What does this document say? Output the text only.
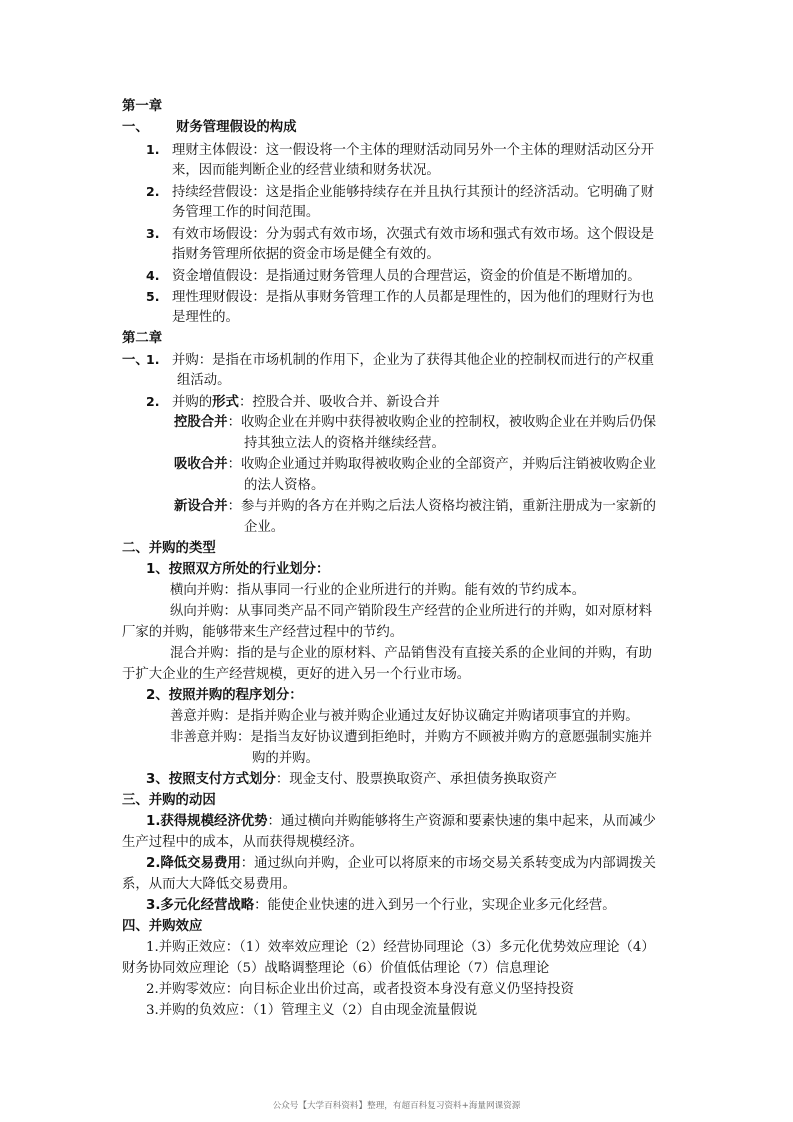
第一章
一、 财务管理假设的构成
1. 理财主体假设：这一假设将一个主体的理财活动同另外一个主体的理财活动区分开
来，因而能判断企业的经营业绩和财务状况。
2. 持续经营假设：这是指企业能够持续存在并且执行其预计的经济活动。它明确了财
务管理工作的时间范围。
3. 有效市场假设：分为弱式有效市场，次强式有效市场和强式有效市场。这个假设是
指财务管理所依据的资金市场是健全有效的。
4. 资金增值假设：是指通过财务管理人员的合理营运，资金的价值是不断增加的。
5. 理性理财假设：是指从事财务管理工作的人员都是理性的，因为他们的理财行为也
是理性的。
第二章
一、1. 并购：是指在市场机制的作用下，企业为了获得其他企业的控制权而进行的产权重
组活动。
2. 并购的形式：控股合并、吸收合并、新设合并
控股合并：收购企业在并购中获得被收购企业的控制权，被收购企业在并购后仍保
持其独立法人的资格并继续经营。
吸收合并：收购企业通过并购取得被收购企业的全部资产，并购后注销被收购企业
的法人资格。
新设合并：参与并购的各方在并购之后法人资格均被注销，重新注册成为一家新的
企业。
二、并购的类型
1、按照双方所处的行业划分：
横向并购：指从事同一行业的企业所进行的并购。能有效的节约成本。
纵向并购：从事同类产品不同产销阶段生产经营的企业所进行的并购，如对原材料
厂家的并购，能够带来生产经营过程中的节约。
混合并购：指的是与企业的原材料、产品销售没有直接关系的企业间的并购，有助
于扩大企业的生产经营规模，更好的进入另一个行业市场。
2、按照并购的程序划分：
善意并购：是指并购企业与被并购企业通过友好协议确定并购诸项事宜的并购。
非善意并购：是指当友好协议遭到拒绝时，并购方不顾被并购方的意愿强制实施并
购的并购。
3、按照支付方式划分：现金支付、股票换取资产、承担债务换取资产
三、并购的动因
1.获得规模经济优势：通过横向并购能够将生产资源和要素快速的集中起来，从而减少
生产过程中的成本，从而获得规模经济。
2.降低交易费用：通过纵向并购，企业可以将原来的市场交易关系转变成为内部调拨关
系，从而大大降低交易费用。
3.多元化经营战略：能使企业快速的进入到另一个行业，实现企业多元化经营。
四、并购效应
1.并购正效应：（1）效率效应理论（2）经营协同理论（3）多元化优势效应理论（4）
财务协同效应理论（5）战略调整理论（6）价值低估理论（7）信息理论
2.并购零效应：向目标企业出价过高，或者投资本身没有意义仍坚持投资
3.并购的负效应：（1）管理主义（2）自由现金流量假说
公众号【大学百科资料】整理，有超百科复习资料+海量网课资源
